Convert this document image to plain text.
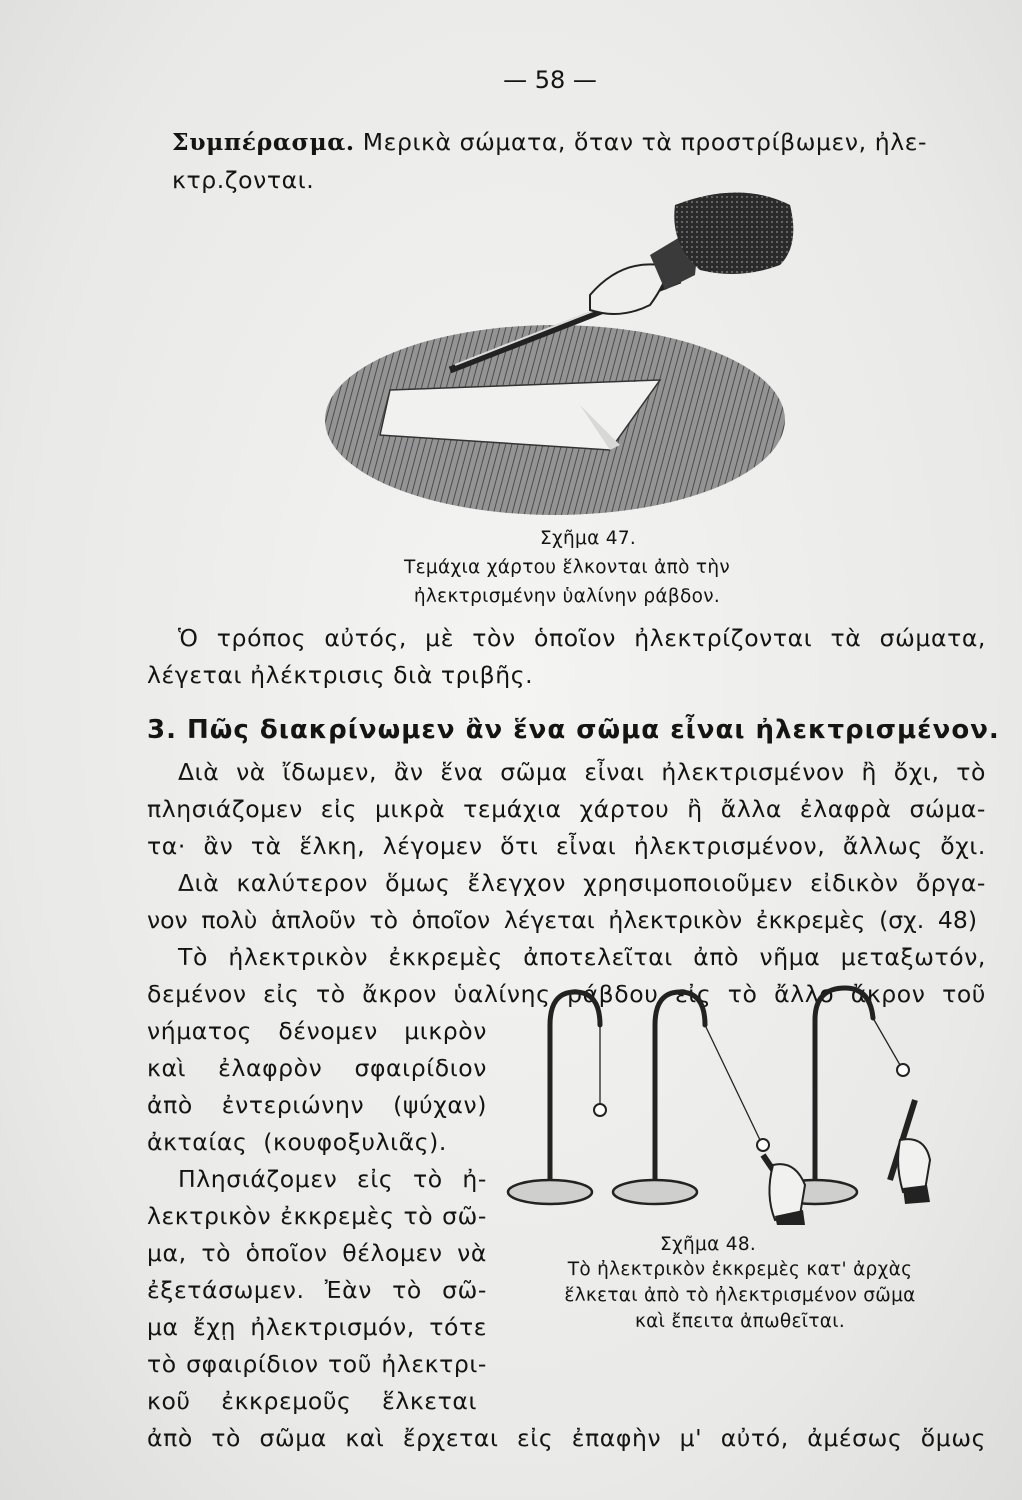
— 58 —
Συμπέρασμα. Μερικὰ σώματα, ὅταν τὰ προστρίβωμεν, ἠλε-
κτρ.ζονται.
Σχῆμα 47.
Τεμάχια χάρτου ἕλκονται ἀπὸ τὴν
ἠλεκτρισμένην ὑαλίνην ράβδον.
Ὁ τρόπος αὐτός, μὲ τὸν ὁποῖον ἠλεκτρίζονται τὰ σώματα,
λέγεται ἠλέκτρισις διὰ τριβῆς.
3. Πῶς διακρίνωμεν ἂν ἕνα σῶμα εἶναι ἠλεκτρισμένον.
Διὰ νὰ ἴδωμεν, ἂν ἕνα σῶμα εἶναι ἠλεκτρισμένον ἢ ὄχι, τὸ
πλησιάζομεν εἰς μικρὰ τεμάχια χάρτου ἢ ἄλλα ἐλαφρὰ σώμα-
τα· ἂν τὰ ἕλκη, λέγομεν ὅτι εἶναι ἠλεκτρισμένον, ἄλλως ὄχι.
Διὰ καλύτερον ὅμως ἔλεγχον χρησιμοποιοῦμεν εἰδικὸν ὄργα-
νον πολὺ ἁπλοῦν τὸ ὁποῖον λέγεται ἠλεκτρικὸν ἐκκρεμὲς (σχ. 48)
Τὸ ἠλεκτρικὸν ἐκκρεμὲς ἀποτελεῖται ἀπὸ νῆμα μεταξωτόν,
δεμένον εἰς τὸ ἄκρον ὑαλίνης ράβδου εἰς τὸ ἄλλο ἄκρον τοῦ
νήματος δένομεν μικρὸν
καὶ ἐλαφρὸν σφαιρίδιον
ἀπὸ ἐντεριώνην (ψύχαν)
ἀκταίας (κουφοξυλιᾶς).
Πλησιάζομεν εἰς τὸ ἠ-
λεκτρικὸν ἐκκρεμὲς τὸ σῶ-
μα, τὸ ὁποῖον θέλομεν νὰ
ἐξετάσωμεν. Ἐὰν τὸ σῶ-
μα ἔχῃ ἠλεκτρισμόν, τότε
τὸ σφαιρίδιον τοῦ ἠλεκτρι-
κοῦ ἐκκρεμοῦς ἕλκεται
Σχῆμα 48.
Τὸ ἠλεκτρικὸν ἐκκρεμὲς κατ' ἀρχὰς
ἕλκεται ἀπὸ τὸ ἠλεκτρισμένον σῶμα
καὶ ἔπειτα ἀπωθεῖται.
ἀπὸ τὸ σῶμα καὶ ἔρχεται εἰς ἐπαφὴν μ' αὐτό, ἀμέσως ὅμως
